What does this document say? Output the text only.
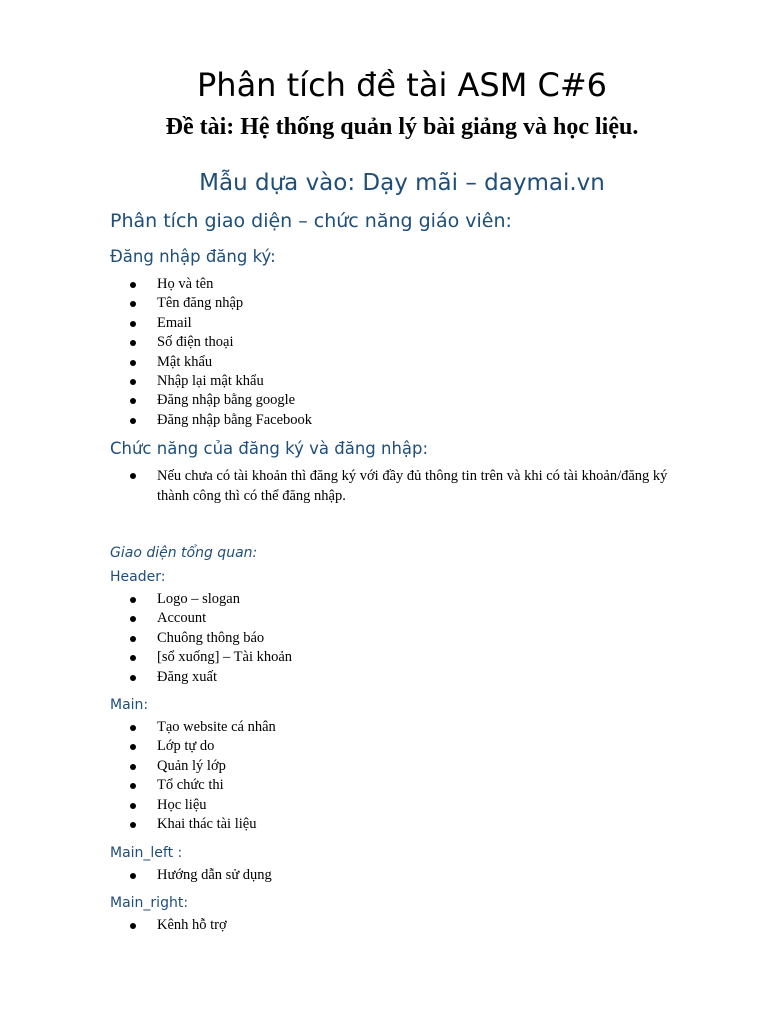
Phân tích đề tài ASM C#6
Đề tài: Hệ thống quản lý bài giảng và học liệu.
Mẫu dựa vào: Dạy mãi – daymai.vn
Phân tích giao diện – chức năng giáo viên:
Đăng nhập đăng ký:
Họ và tên
Tên đăng nhập
Email
Số điện thoại
Mật khẩu
Nhập lại mật khẩu
Đăng nhập bằng google
Đăng nhập bằng Facebook
Chức năng của đăng ký và đăng nhập:
Nếu chưa có tài khoản thì đăng ký với đầy đủ thông tin trên và khi có tài khoản/đăng ký thành công thì có thể đăng nhập.
Giao diện tổng quan:
Header:
Logo – slogan
Account
Chuông thông báo
[sổ xuống] – Tài khoản
Đăng xuất
Main:
Tạo website cá nhân
Lớp tự do
Quản lý lớp
Tổ chức thi
Học liệu
Khai thác tài liệu
Main_left :
Hướng dẫn sử dụng
Main_right:
Kênh hỗ trợ
